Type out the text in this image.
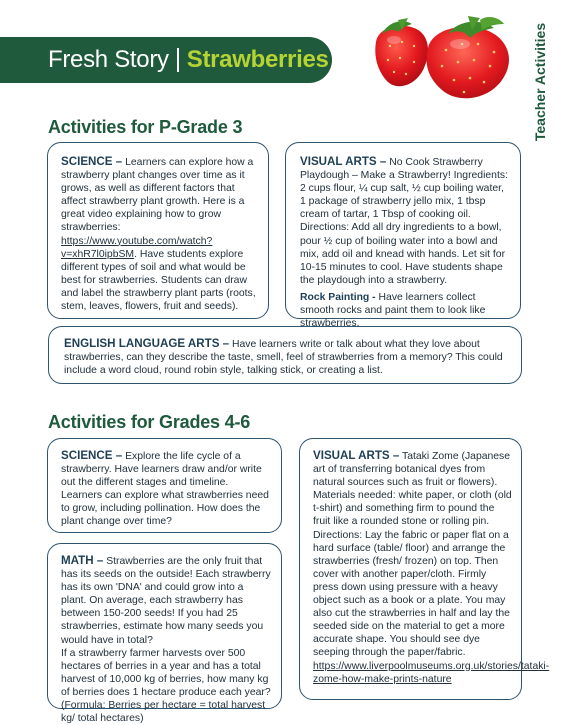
Fresh Story Strawberries	Teacher Activities
Activities for P-Grade 3

SCIENCE – Learners can explore how a strawberry plant changes over time as it grows, as well as different factors that affect strawberry plant growth. Here is a great video explaining how to grow strawberries: https://www.youtube.com/watch?v=xhR7l0ipbSM. Have students explore different types of soil and what would be best for strawberries. Students can draw and label the strawberry plant parts (roots, stem, leaves, flowers, fruit and seeds).

VISUAL ARTS – No Cook Strawberry Playdough – Make a Strawberry! Ingredients: 2 cups flour, ¼ cup salt, ½ cup boiling water, 1 package of strawberry jello mix, 1 tbsp cream of tartar, 1 Tbsp of cooking oil. Directions: Add all dry ingredients to a bowl, pour ½ cup of boiling water into a bowl and mix, add oil and knead with hands. Let sit for 10-15 minutes to cool. Have students shape the playdough into a strawberry.

Rock Painting - Have learners collect smooth rocks and paint them to look like strawberries.

ENGLISH LANGUAGE ARTS – Have learners write or talk about what they love about strawberries, can they describe the taste, smell, feel of strawberries from a memory? This could include a word cloud, round robin style, talking stick, or creating a list.

Activities for Grades 4-6

SCIENCE – Explore the life cycle of a strawberry. Have learners draw and/or write out the different stages and timeline. Learners can explore what strawberries need to grow, including pollination. How does the plant change over time?

MATH – Strawberries are the only fruit that has its seeds on the outside! Each strawberry has its own 'DNA' and could grow into a plant. On average, each strawberry has between 150-200 seeds! If you had 25 strawberries, estimate how many seeds you would have in total?

If a strawberry farmer harvests over 500 hectares of berries in a year and has a total harvest of 10,000 kg of berries, how many kg of berries does 1 hectare produce each year? (Formula: Berries per hectare = total harvest kg/ total hectares)

VISUAL ARTS – Tataki Zome (Japanese art of transferring botanical dyes from natural sources such as fruit or flowers). Materials needed: white paper, or cloth (old t-shirt) and something firm to pound the fruit like a rounded stone or rolling pin. Directions: Lay the fabric or paper flat on a hard surface (table/ floor) and arrange the strawberries (fresh/ frozen) on top. Then cover with another paper/cloth. Firmly press down using pressure with a heavy object such as a book or a plate. You may also cut the strawberries in half and lay the seeded side on the material to get a more accurate shape. You should see dye seeping through the paper/fabric. https://www.liverpoolmuseums.org.uk/stories/tataki-zome-how-make-prints-nature
